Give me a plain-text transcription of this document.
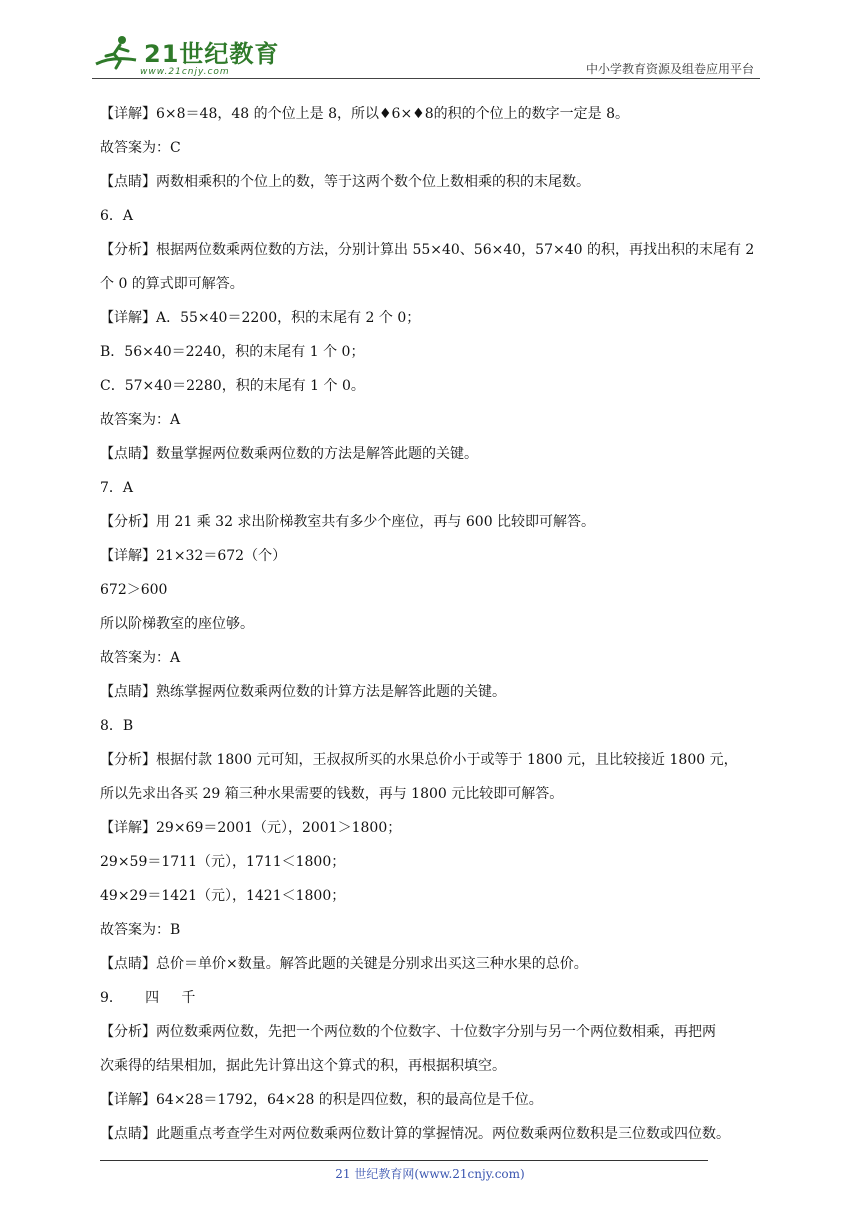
21世纪教育
www.21cnjy.com	中小学教育资源及组卷应用平台
【详解】6×8＝48，48 的个位上是 8，所以♦6×♦8的积的个位上的数字一定是 8。
故答案为：C
【点睛】两数相乘积的个位上的数，等于这两个数个位上数相乘的积的末尾数。
6．A
【分析】根据两位数乘两位数的方法，分别计算出 55×40、56×40，57×40 的积，再找出积的末尾有 2
个 0 的算式即可解答。
【详解】A．55×40＝2200，积的末尾有 2 个 0；
B．56×40＝2240，积的末尾有 1 个 0；
C．57×40＝2280，积的末尾有 1 个 0。
故答案为：A
【点睛】数量掌握两位数乘两位数的方法是解答此题的关键。
7．A
【分析】用 21 乘 32 求出阶梯教室共有多少个座位，再与 600 比较即可解答。
【详解】21×32＝672（个）
672＞600
所以阶梯教室的座位够。
故答案为：A
【点睛】熟练掌握两位数乘两位数的计算方法是解答此题的关键。
8．B
【分析】根据付款 1800 元可知，王叔叔所买的水果总价小于或等于 1800 元，且比较接近 1800 元，
所以先求出各买 29 箱三种水果需要的钱数，再与 1800 元比较即可解答。
【详解】29×69＝2001（元），2001＞1800；
29×59＝1711（元），1711＜1800；
49×29＝1421（元），1421＜1800；
故答案为：B
【点睛】总价＝单价×数量。解答此题的关键是分别求出买这三种水果的总价。
9．     四     千
【分析】两位数乘两位数，先把一个两位数的个位数字、十位数字分别与另一个两位数相乘，再把两
次乘得的结果相加，据此先计算出这个算式的积，再根据积填空。
【详解】64×28＝1792，64×28 的积是四位数，积的最高位是千位。
【点睛】此题重点考查学生对两位数乘两位数计算的掌握情况。两位数乘两位数积是三位数或四位数。
21 世纪教育网(www.21cnjy.com)
